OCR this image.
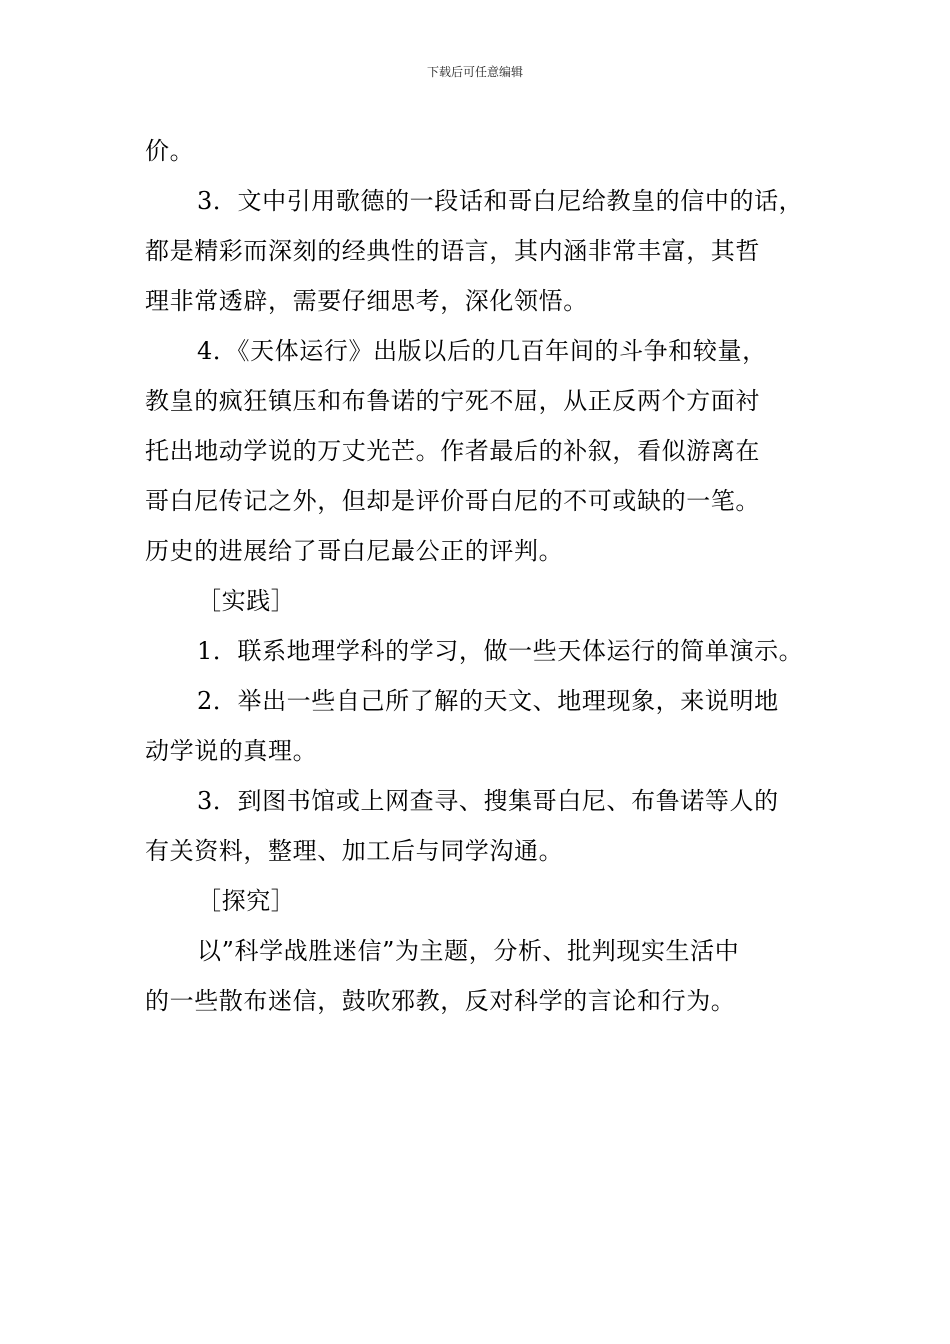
下载后可任意编辑
价。
3．文中引用歌德的一段话和哥白尼给教皇的信中的话，
都是精彩而深刻的经典性的语言，其内涵非常丰富，其哲
理非常透辟，需要仔细思考，深化领悟。
4．《天体运行》出版以后的几百年间的斗争和较量，
教皇的疯狂镇压和布鲁诺的宁死不屈，从正反两个方面衬
托出地动学说的万丈光芒。作者最后的补叙，看似游离在
哥白尼传记之外，但却是评价哥白尼的不可或缺的一笔。
历史的进展给了哥白尼最公正的评判。
［实践］
1．联系地理学科的学习，做一些天体运行的简单演示。
2．举出一些自己所了解的天文、地理现象，来说明地
动学说的真理。
3．到图书馆或上网查寻、搜集哥白尼、布鲁诺等人的
有关资料，整理、加工后与同学沟通。
［探究］
以”科学战胜迷信”为主题，分析、批判现实生活中
的一些散布迷信，鼓吹邪教，反对科学的言论和行为。
